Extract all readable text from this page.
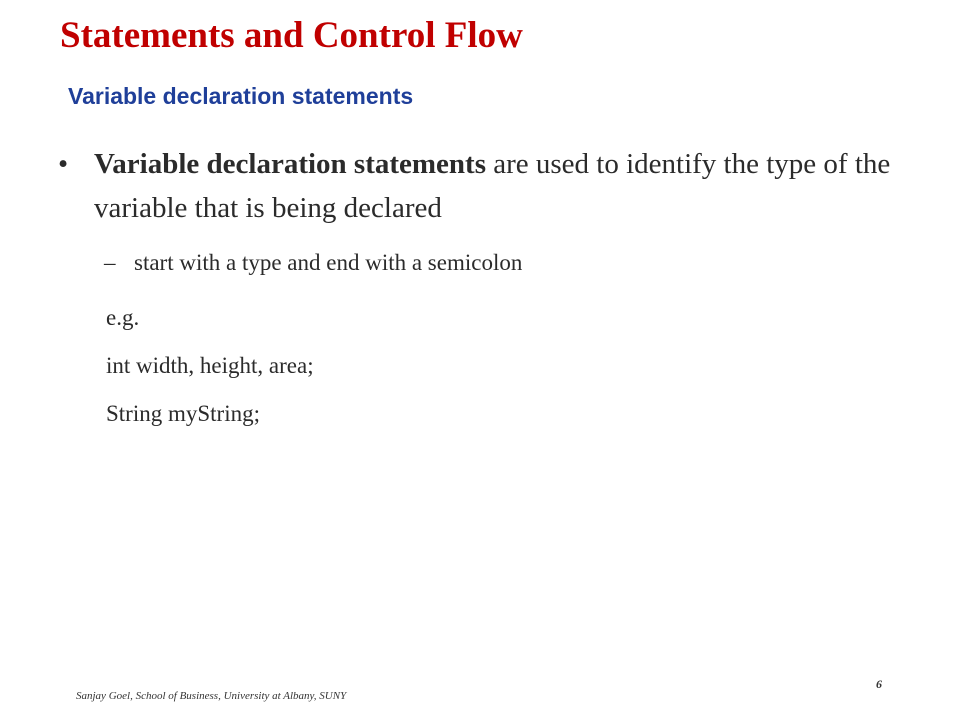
Statements and Control Flow
Variable declaration statements
• Variable declaration statements are used to identify the type of the variable that is being declared
– start with a type and end with a semicolon
e.g.
int width, height, area;
String myString;
Sanjay Goel, School of Business, University at Albany, SUNY
6
